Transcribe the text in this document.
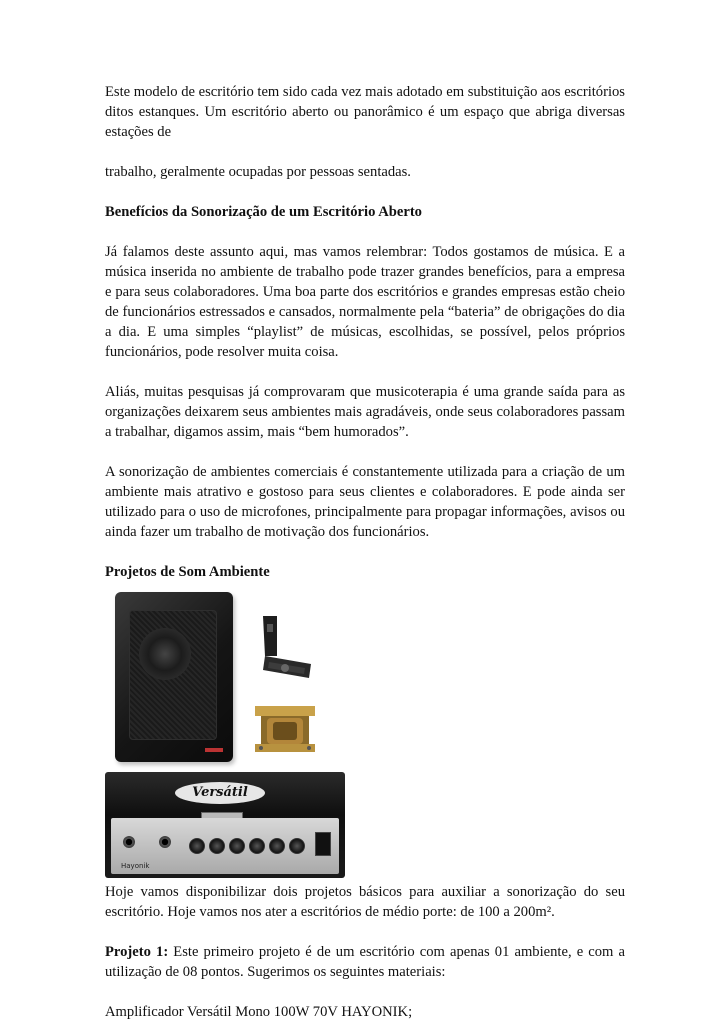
Este modelo de escritório tem sido cada vez mais adotado em substituição aos escritórios ditos estanques. Um escritório aberto ou panorâmico é um espaço que abriga diversas estações de

trabalho, geralmente ocupadas por pessoas sentadas.

Benefícios da Sonorização de um Escritório Aberto

Já falamos deste assunto aqui, mas vamos relembrar: Todos gostamos de música. E a música inserida no ambiente de trabalho pode trazer grandes benefícios, para a empresa e para seus colaboradores. Uma boa parte dos escritórios e grandes empresas estão cheio de funcionários estressados e cansados, normalmente pela “bateria” de obrigações do dia a dia. E uma simples “playlist” de músicas, escolhidas, se possível, pelos próprios funcionários, pode resolver muita coisa.

Aliás, muitas pesquisas já comprovaram que musicoterapia é uma grande saída para as organizações deixarem seus ambientes mais agradáveis, onde seus colaboradores passam a trabalhar, digamos assim, mais “bem humorados”.

A sonorização de ambientes comerciais é constantemente utilizada para a criação de um ambiente mais atrativo e gostoso para seus clientes e colaboradores. E pode ainda ser utilizado para o uso de microfones, principalmente para propagar informações, avisos ou ainda fazer um trabalho de motivação dos funcionários.

Projetos de Som Ambiente

Versátil
Hayonik

Hoje vamos disponibilizar dois projetos básicos para auxiliar a sonorização do seu escritório. Hoje vamos nos ater a escritórios de médio porte: de 100 a 200m².

Projeto 1: Este primeiro projeto é de um escritório com apenas 01 ambiente, e com a utilização de 08 pontos. Sugerimos os seguintes materiais:

Amplificador Versátil Mono 100W 70V HAYONIK;
